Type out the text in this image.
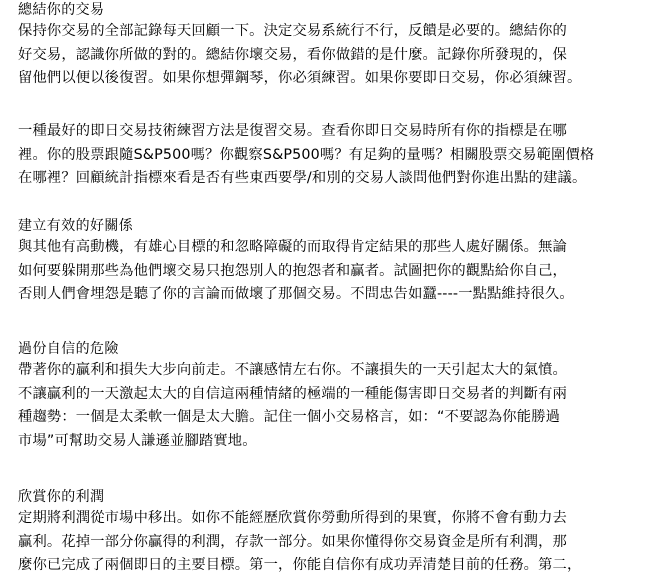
總結你的交易

保持你交易的全部記錄每天回顧一下。決定交易系統行不行，反饋是必要的。總結你的

好交易，認識你所做的對的。總結你壞交易，看你做錯的是什麼。記錄你所發現的，保

留他們以便以後復習。如果你想彈鋼琴，你必須練習。如果你要即日交易，你必須練習。

一種最好的即日交易技術練習方法是復習交易。查看你即日交易時所有你的指標是在哪

裡。你的股票跟隨S&P500嗎？你觀察S&P500嗎？有足夠的量嗎？相關股票交易範圍價格

在哪裡？回顧統計指標來看是否有些東西要學/和別的交易人談問他們對你進出點的建議。

建立有效的好關係

與其他有高動機，有雄心目標的和忽略障礙的而取得肯定結果的那些人處好關係。無論

如何要躲開那些為他們壞交易只抱怨別人的抱怨者和贏者。試圖把你的觀點給你自己，

否則人們會埋怨是聽了你的言論而做壞了那個交易。不問忠告如蠶----一點點維持很久。

過份自信的危險

帶著你的贏利和損失大步向前走。不讓感情左右你。不讓損失的一天引起太大的氣憤。

不讓贏利的一天激起太大的自信這兩種情緒的極端的一種能傷害即日交易者的判斷有兩

種趨勢：一個是太柔軟一個是太大膽。記住一個小交易格言，如：“不要認為你能勝過

市場”可幫助交易人謙遜並腳踏實地。

欣賞你的利潤

定期將利潤從市場中移出。如你不能經歷欣賞你勞動所得到的果實，你將不會有動力去

贏利。花掉一部分你贏得的利潤，存款一部分。如果你懂得你交易資金是所有利潤，那

麼你已完成了兩個即日的主要目標。第一，你能自信你有成功弄清楚目前的任務。第二，
